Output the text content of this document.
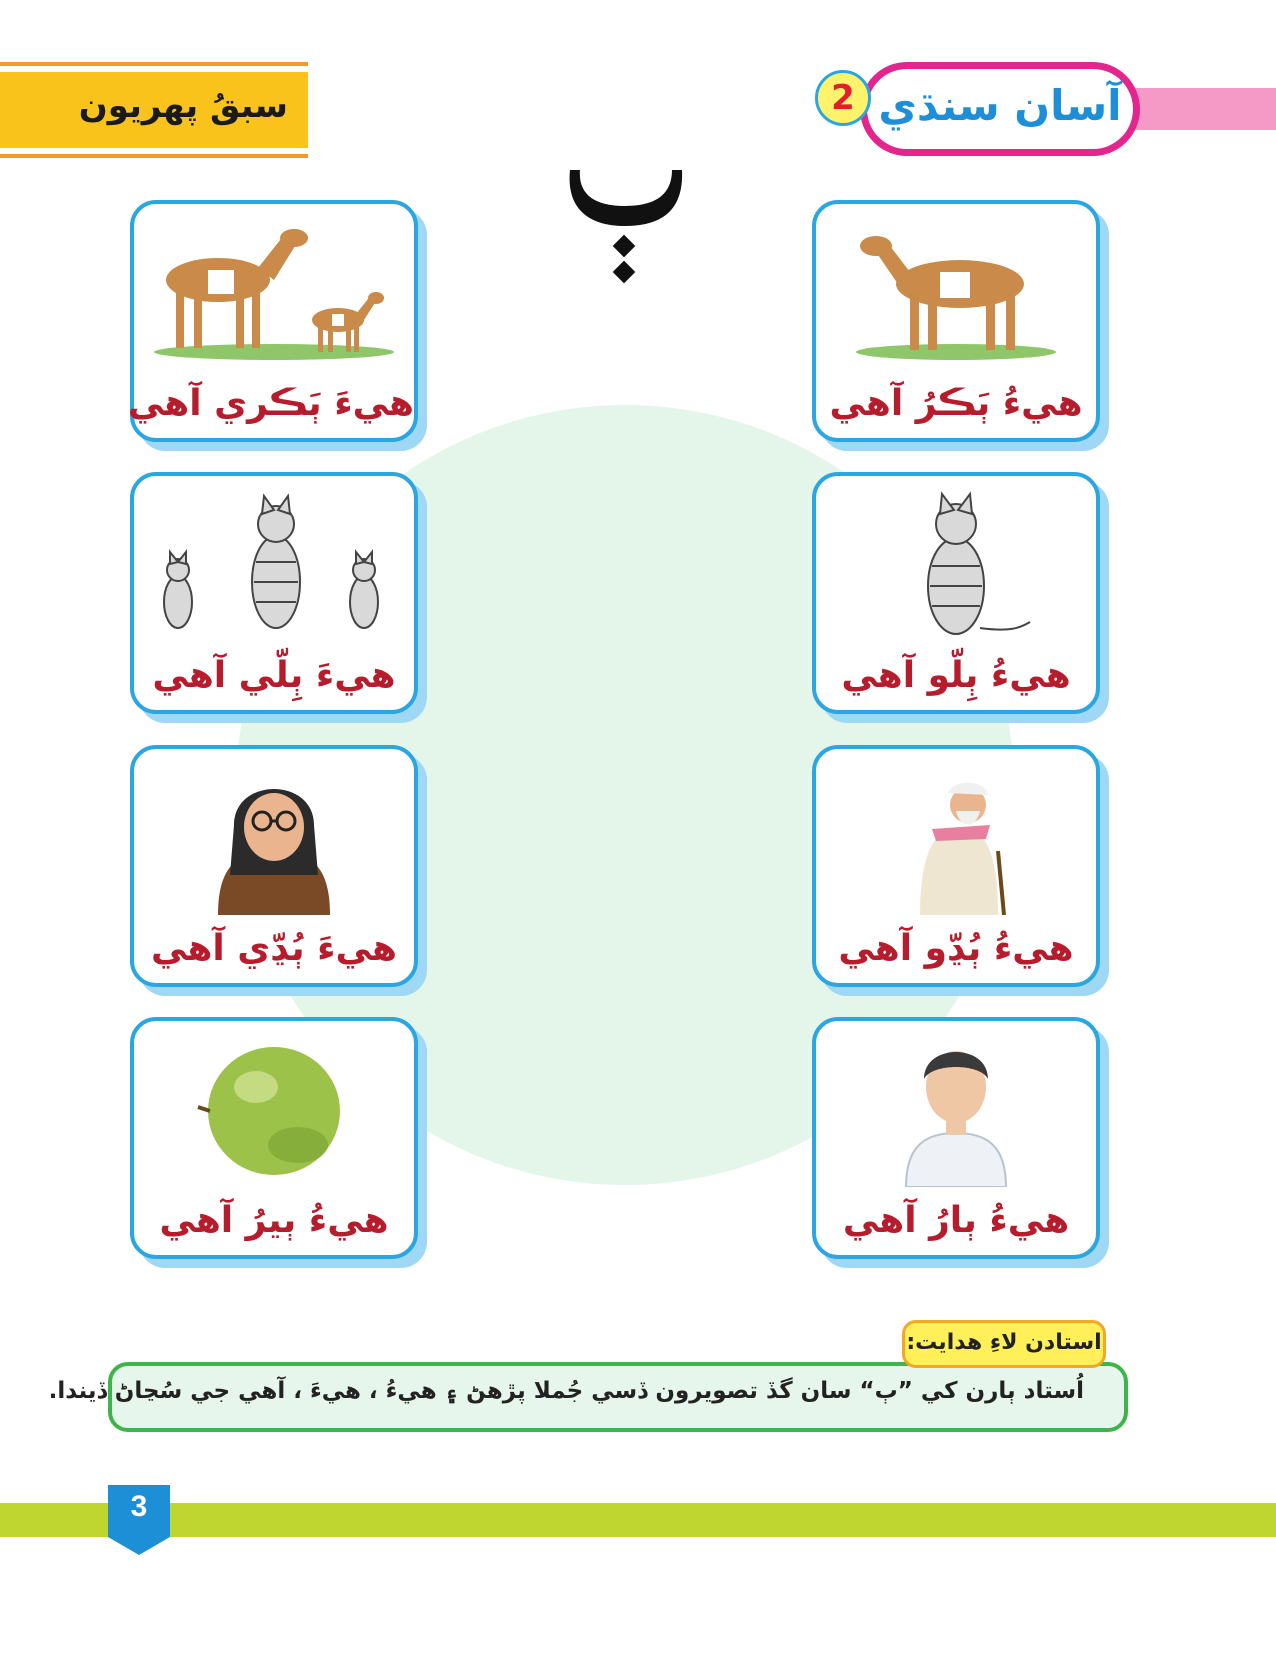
سبقُ پهريون	آسان سنڌي
2
هيءَ ٻَڪري آهي
هيءَ ٻِلّي آهي
هيءَ ٻُڍّي آهي
هيءُ ٻيرُ آهي
هيءُ ٻَڪرُ آهي
هيءُ ٻِلّو آهي
هيءُ ٻُڍّو آهي
هيءُ ٻارُ آهي
استادن لاءِ هدايت:
اُستاد ٻارن کي ”ٻ“ سان گڏ تصويرون ڏسي جُملا پڙهڻ ۽ هيءُ ، هيءَ ، آهي جي سُڃاڻ ڏيندا.
3
